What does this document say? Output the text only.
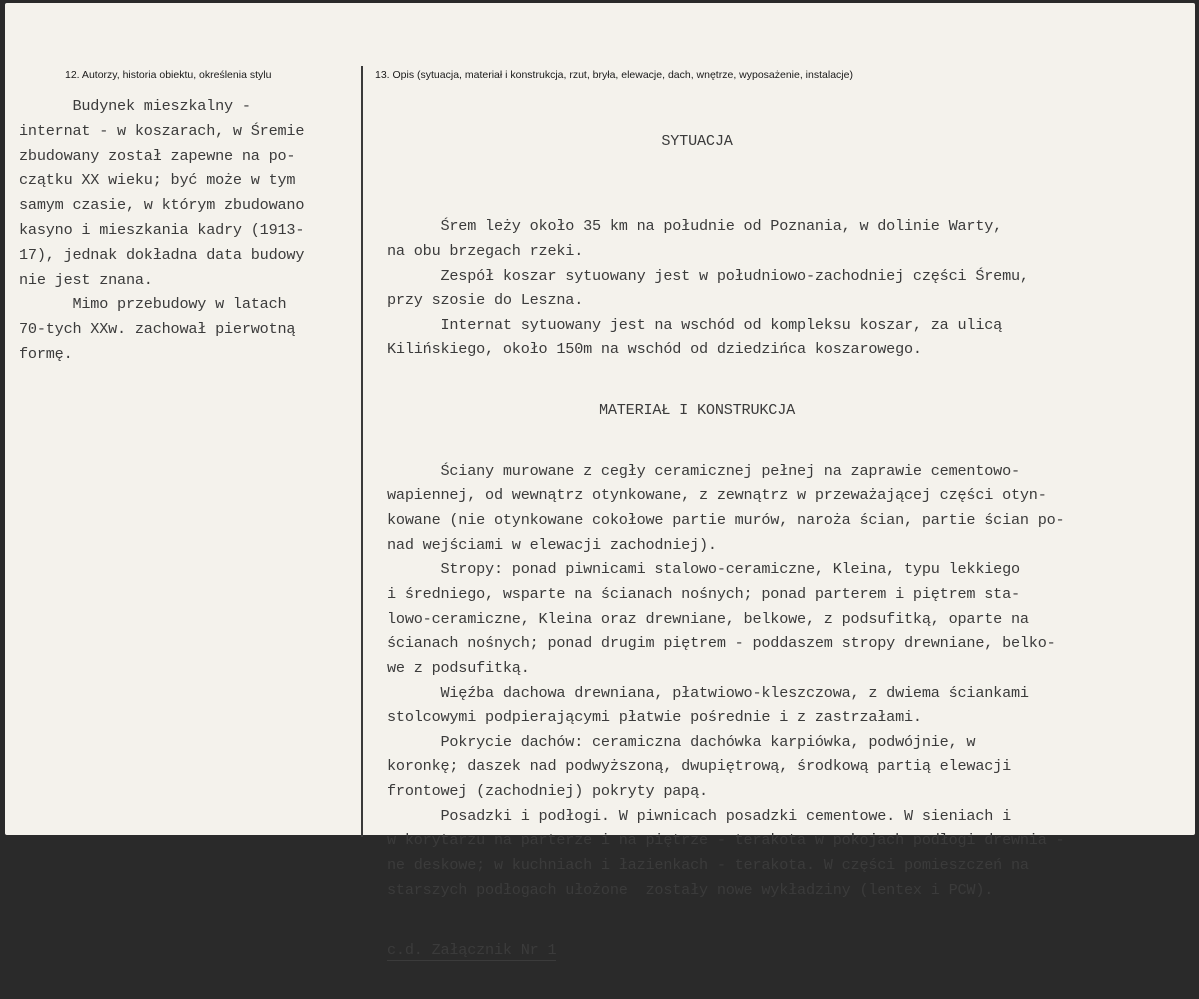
12. Autorzy, historia obiektu, określenia stylu	13. Opis (sytuacja, materiał i konstrukcja, rzut, bryła, elewacje, dach, wnętrze, wyposażenie, instalacje)
Budynek mieszkalny -
internat - w koszarach, w Śremie
zbudowany został zapewne na po-
czątku XX wieku; być może w tym
samym czasie, w którym zbudowano
kasyno i mieszkania kadry (1913-
17), jednak dokładna data budowy
nie jest znana.
Mimo przebudowy w latach
70-tych XXw. zachował pierwotną
formę.

SYTUACJA

Śrem leży około 35 km na południe od Poznania, w dolinie Warty,
na obu brzegach rzeki.
Zespół koszar sytuowany jest w południowo-zachodniej części Śremu,
przy szosie do Leszna.
Internat sytuowany jest na wschód od kompleksu koszar, za ulicą
Kilińskiego, około 150m na wschód od dziedzińca koszarowego.

MATERIAŁ I KONSTRUKCJA

Ściany murowane z cegły ceramicznej pełnej na zaprawie cementowo-
wapiennej, od wewnątrz otynkowane, z zewnątrz w przeważającej części otyn-
kowane (nie otynkowane cokołowe partie murów, naroża ścian, partie ścian po-
nad wejściami w elewacji zachodniej).
Stropy: ponad piwnicami stalowo-ceramiczne, Kleina, typu lekkiego
i średniego, wsparte na ścianach nośnych; ponad parterem i piętrem sta-
lowo-ceramiczne, Kleina oraz drewniane, belkowe, z podsufitką, oparte na
ścianach nośnych; ponad drugim piętrem - poddaszem stropy drewniane, belko-
we z podsufitką.
Więźba dachowa drewniana, płatwiowo-kleszczowa, z dwiema ściankami
stolcowymi podpierającymi płatwie pośrednie i z zastrzałami.
Pokrycie dachów: ceramiczna dachówka karpiówka, podwójnie, w
koronkę; daszek nad podwyższoną, dwupiętrową, środkową partią elewacji
frontowej (zachodniej) pokryty papą.
Posadzki i podłogi. W piwnicach posadzki cementowe. W sieniach i
w korytarzu na parterze i na piętrze - terakota w pokojach podłogi drewnia -
ne deskowe; w kuchniach i łazienkach - terakota. W części pomieszczeń na
starszych podłogach ułożone  zostały nowe wykładziny (lentex i PCW).

c.d. Załącznik Nr 1
